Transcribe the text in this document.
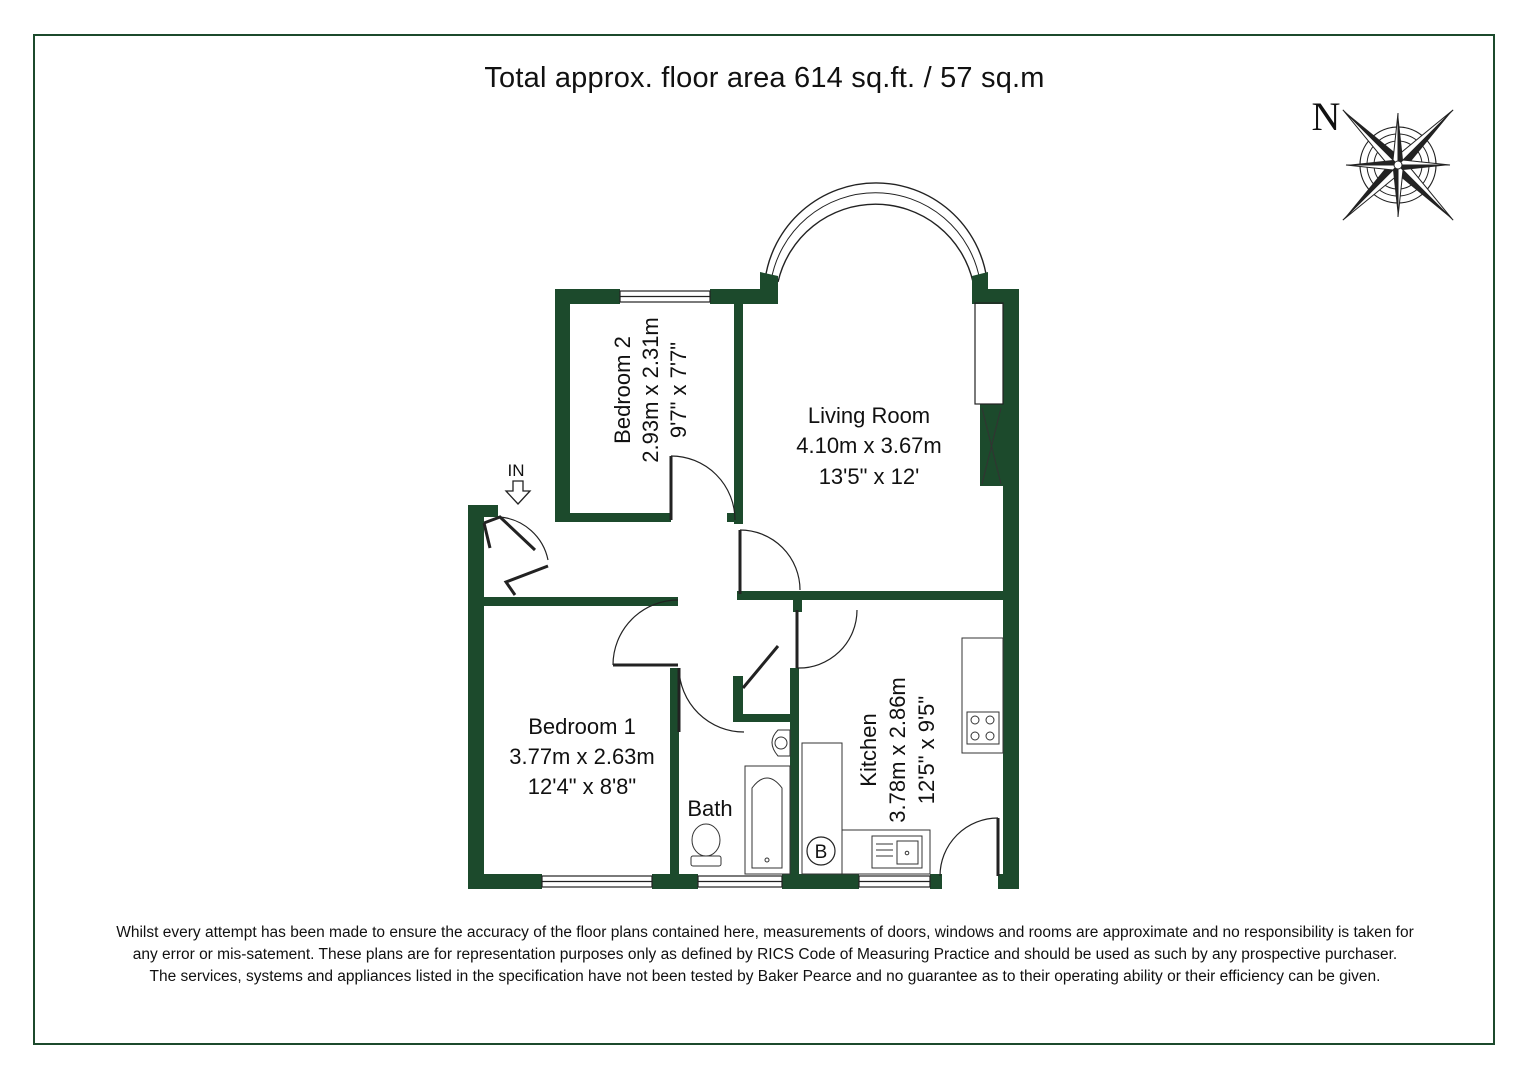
Total approx. floor area 614 sq.ft. / 57 sq.m
IN
B
Bedroom 2 2.93m x 2.31m 9'7" x 7'7"	Living Room
4.10m x 3.67m
13'5" x 12'
Bedroom 1
3.77m x 2.63m
12'4" x 8'8"
Bath
Kitchen 3.78m x 2.86m 12'5" x 9'5"
N
Whilst every attempt has been made to ensure the accuracy of the floor plans contained here, measurements of doors, windows and rooms are approximate and no responsibility is taken for
any error or mis-satement. These plans are for representation purposes only as defined by RICS Code of Measuring Practice and should be used as such by any prospective purchaser.
The services, systems and appliances listed in the specification have not been tested by Baker Pearce and no guarantee as to their operating ability or their efficiency can be given.
